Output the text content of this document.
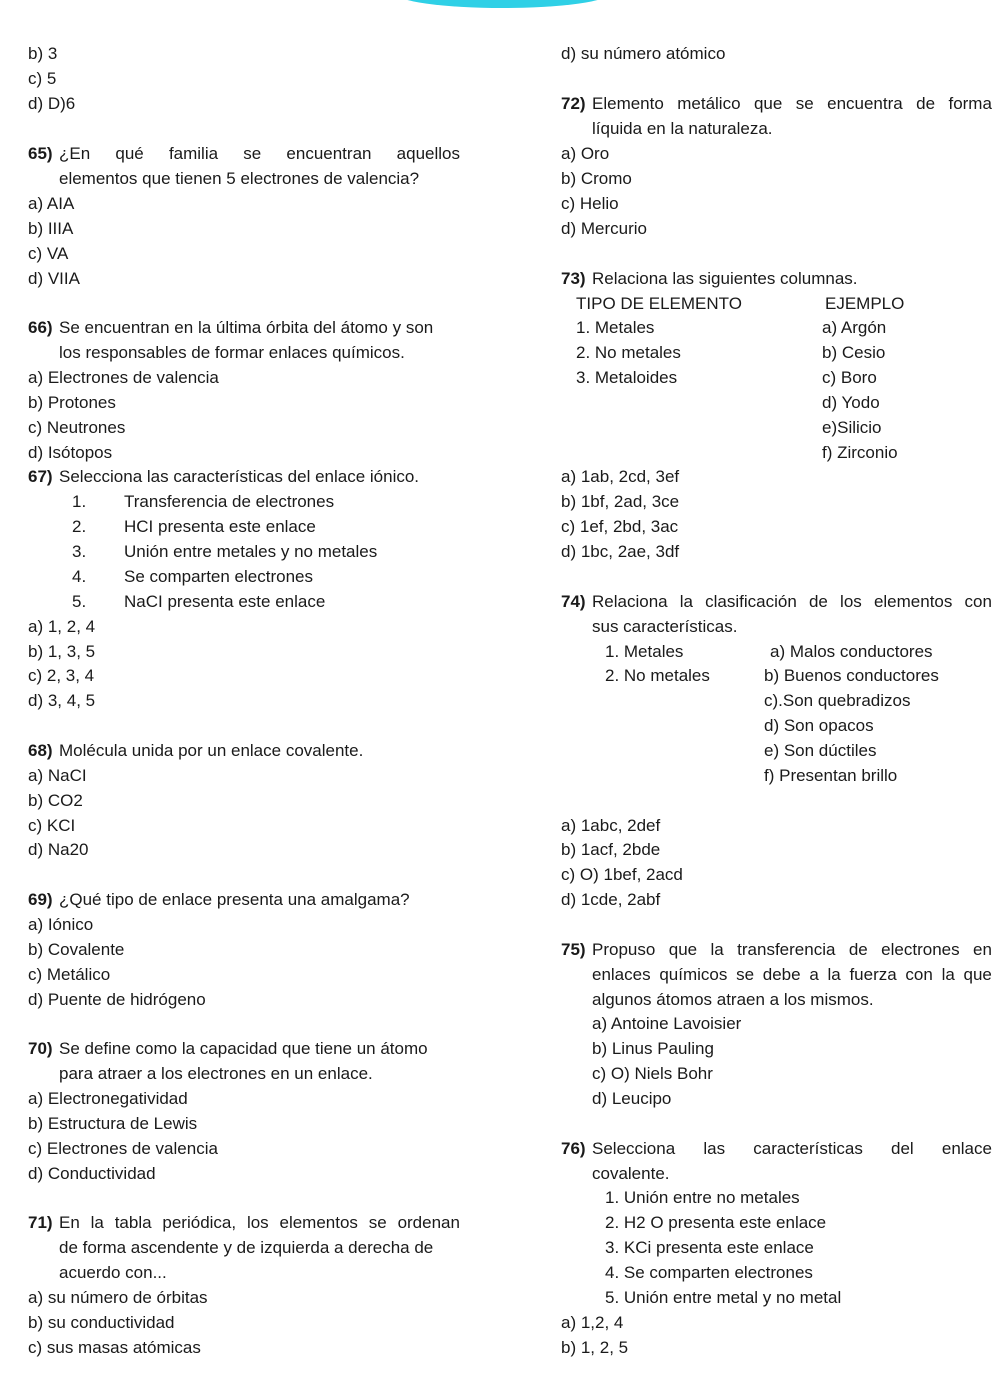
b) 3
c) 5
d) D)6
65) ¿En qué familia se encuentran aquellos
elementos que tienen 5 electrones de valencia?
a) AIA
b) IIIA
c) VA
d) VIIA
66) Se encuentran en la última órbita del átomo y son
los responsables de formar enlaces químicos.
a) Electrones de valencia
b) Protones
c) Neutrones
d) Isótopos
67) Selecciona las características del enlace iónico.
1. Transferencia de electrones
2. HCI presenta este enlace
3. Unión entre metales y no metales
4. Se comparten electrones
5. NaCI presenta este enlace
a) 1, 2, 4
b) 1, 3, 5
c) 2, 3, 4
d) 3, 4, 5
68) Molécula unida por un enlace covalente.
a) NaCI
b) CO2
c) KCI
d) Na20
69) ¿Qué tipo de enlace presenta una amalgama?
a) Iónico
b) Covalente
c) Metálico
d) Puente de hidrógeno
70) Se define como la capacidad que tiene un átomo
para atraer a los electrones en un enlace.
a) Electronegatividad
b) Estructura de Lewis
c) Electrones de valencia
d) Conductividad
71) En la tabla periódica, los elementos se ordenan
de forma ascendente y de izquierda a derecha de
acuerdo con...
a) su número de órbitas
b) su conductividad
c) sus masas atómicas
d) su número atómico
72) Elemento metálico que se encuentra de forma
líquida en la naturaleza.
a) Oro
b) Cromo
c) Helio
d) Mercurio
73) Relaciona las siguientes columnas.
TIPO DE ELEMENTO	EJEMPLO
1. Metales
2. No metales
3. Metaloides
a) Argón
b) Cesio
c) Boro
d) Yodo
e)Silicio
f) Zirconio
a) 1ab, 2cd, 3ef
b) 1bf, 2ad, 3ce
c) 1ef, 2bd, 3ac
d) 1bc, 2ae, 3df
74) Relaciona la clasificación de los elementos con
sus características.
1. Metales
2. No metales
a) Malos conductores
b) Buenos conductores
c).Son quebradizos
d) Son opacos
e) Son dúctiles
f) Presentan brillo
a) 1abc, 2def
b) 1acf, 2bde
c) O) 1bef, 2acd
d) 1cde, 2abf
75) Propuso que la transferencia de electrones en
enlaces químicos se debe a la fuerza con la que
algunos átomos atraen a los mismos.
a) Antoine Lavoisier
b) Linus Pauling
c) O) Niels Bohr
d) Leucipo
76) Selecciona las características del enlace
covalente.
1. Unión entre no metales
2. H2 O presenta este enlace
3. KCi presenta este enlace
4. Se comparten electrones
5. Unión entre metal y no metal
a) 1,2, 4
b) 1, 2, 5
